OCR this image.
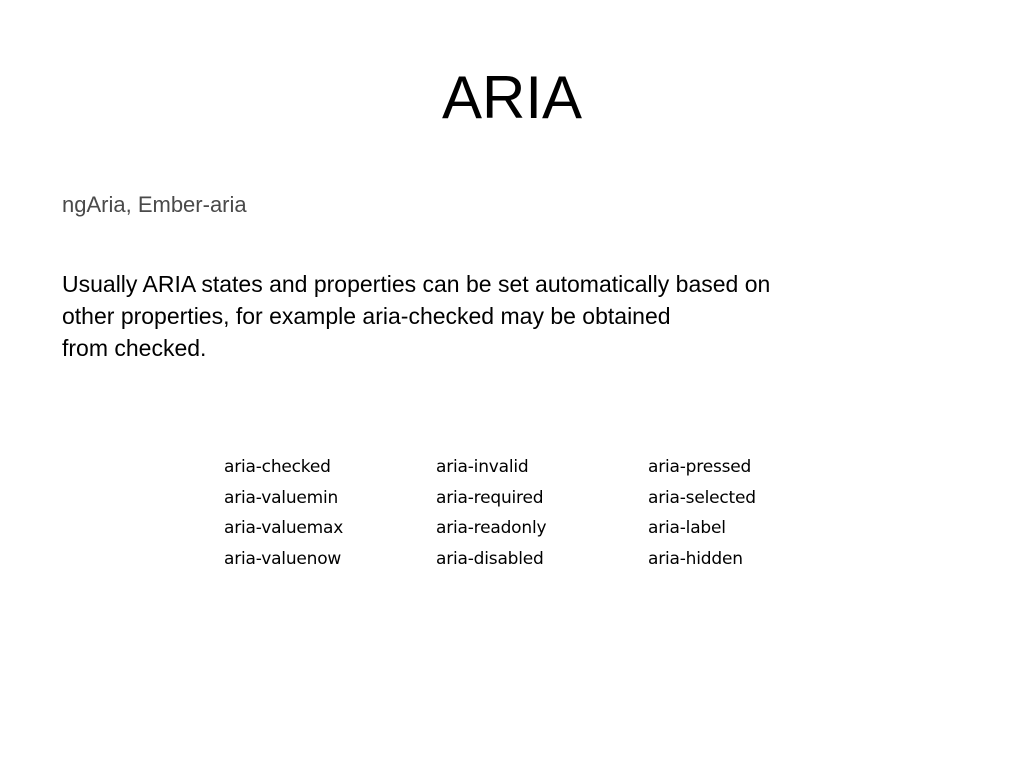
ARIA

ngAria, Ember-aria

Usually ARIA states and properties can be set automatically based on
other properties, for example aria-checked may be obtained
from checked.

aria-checked
aria-valuemin
aria-valuemax
aria-valuenow
aria-invalid
aria-required
aria-readonly
aria-disabled
aria-pressed
aria-selected
aria-label
aria-hidden
